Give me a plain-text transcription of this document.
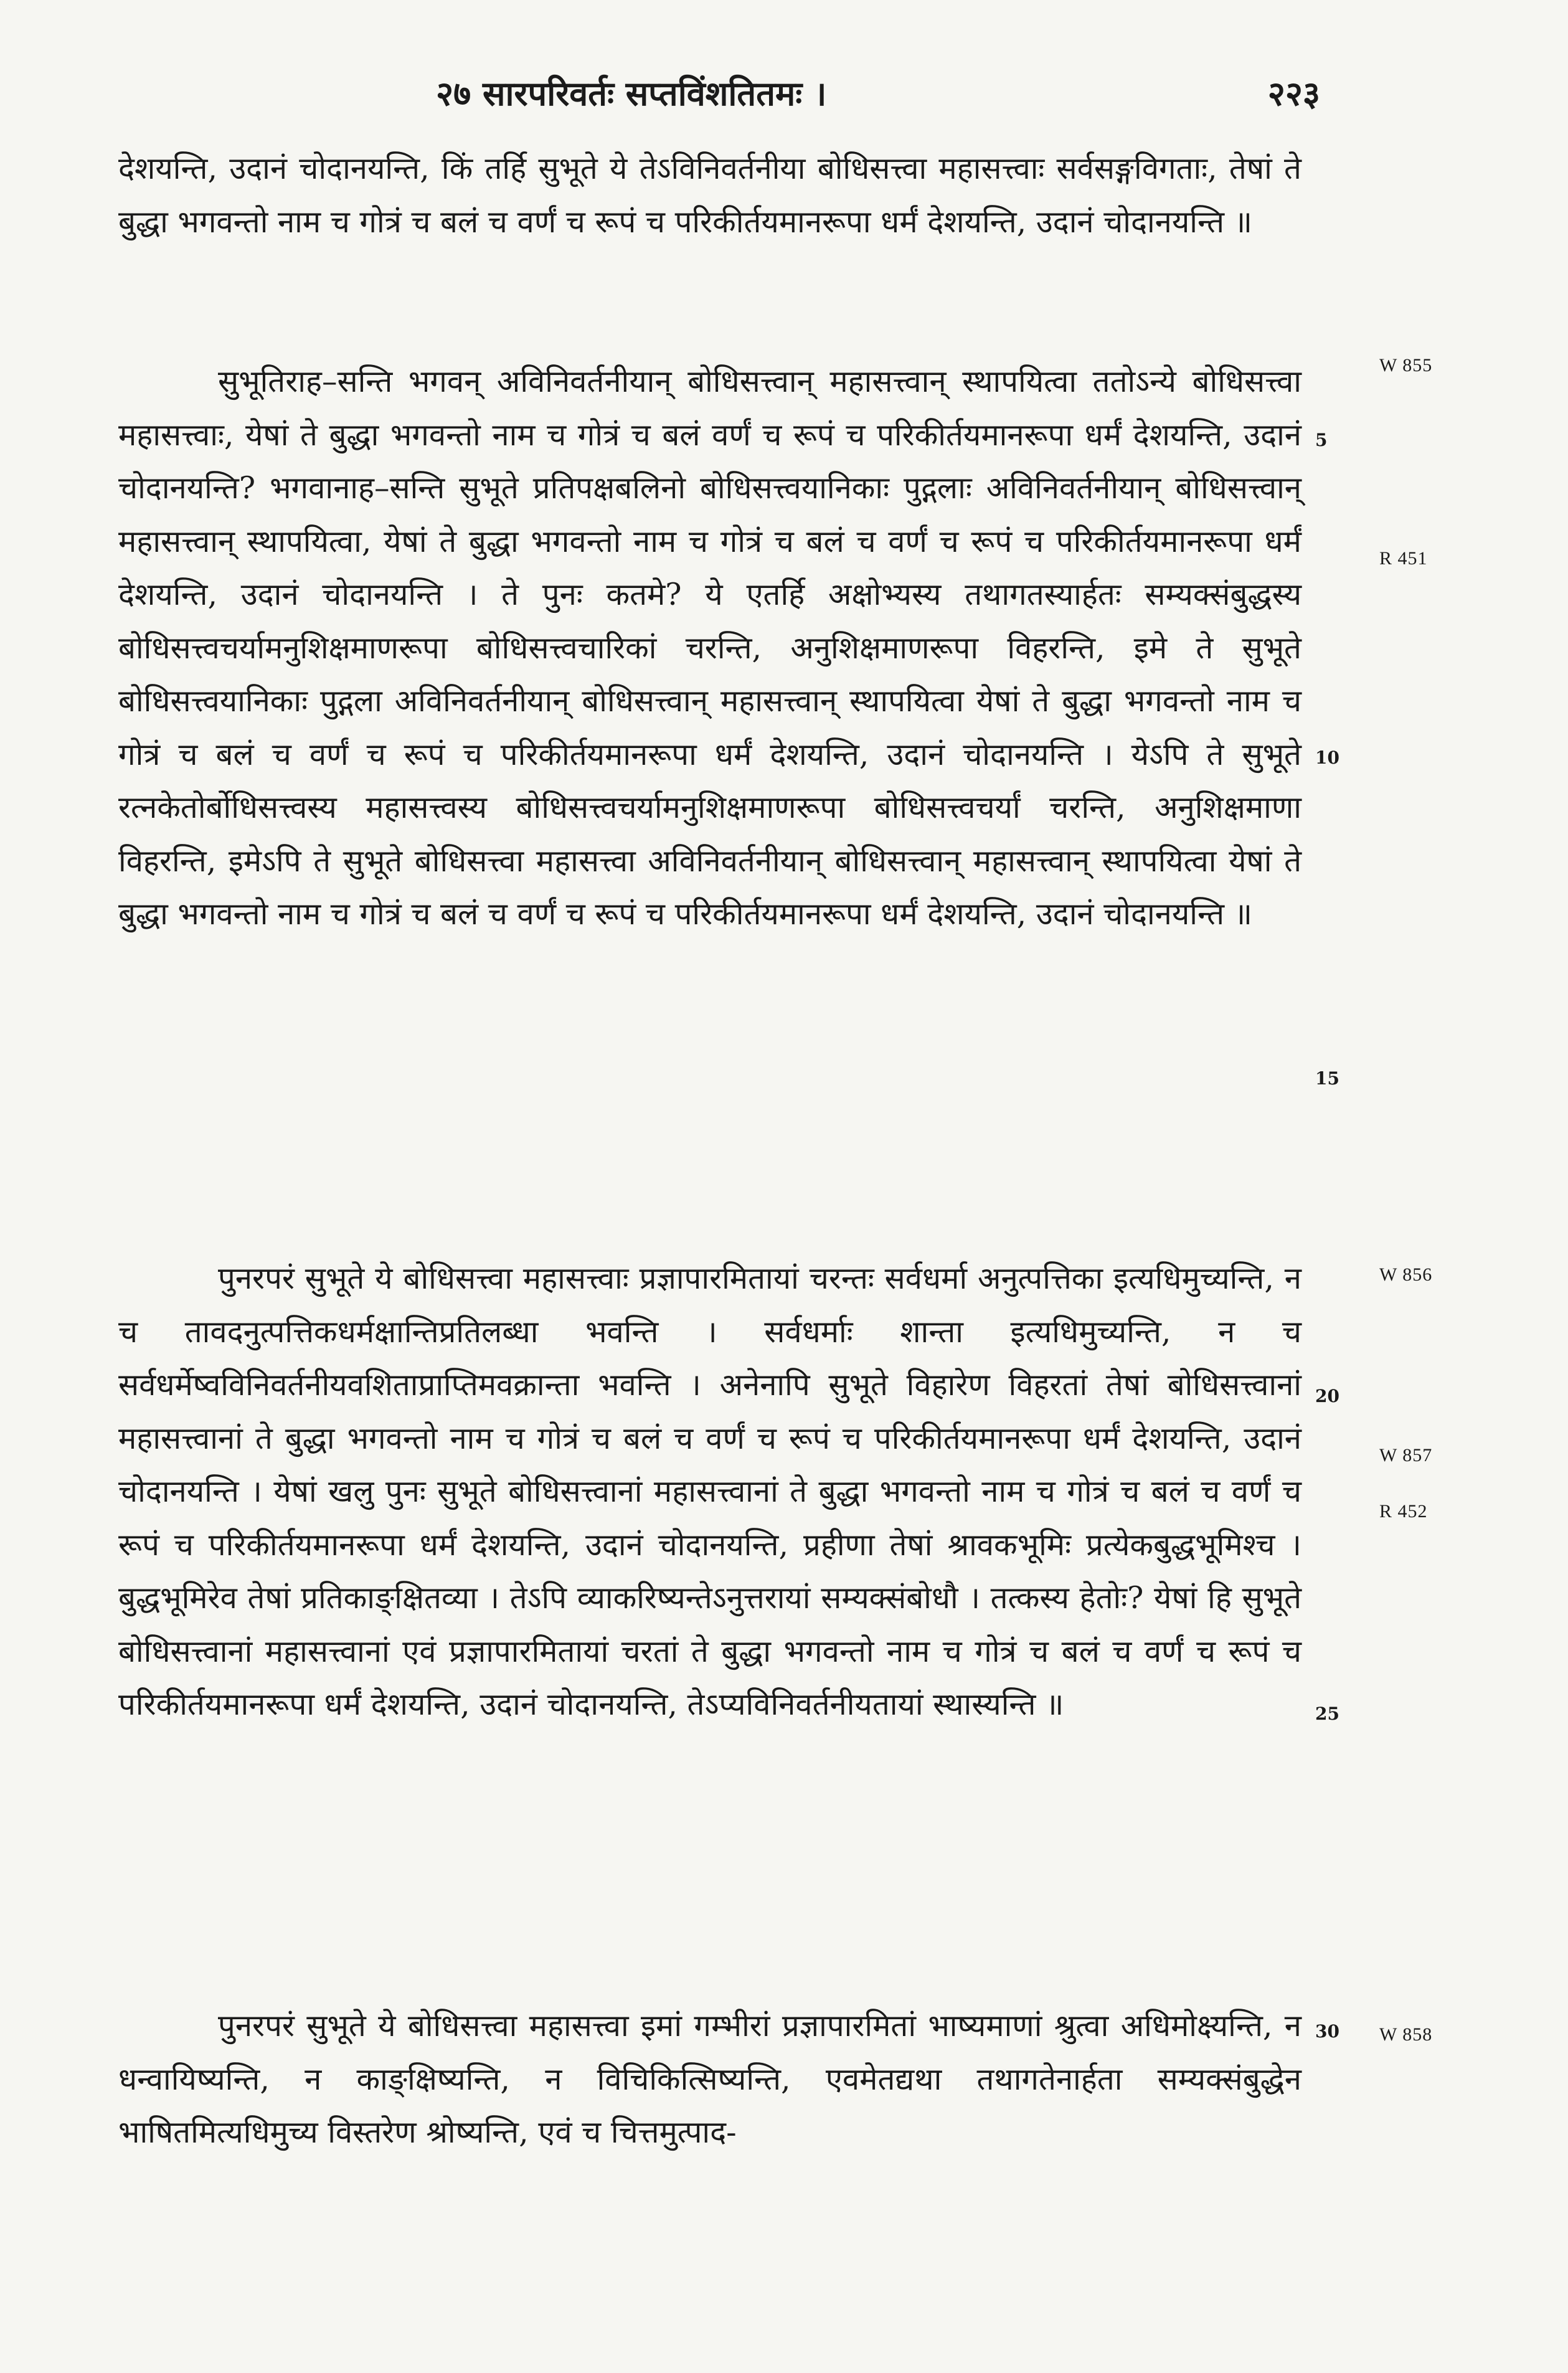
२७ सारपरिवर्तः सप्तविंशतितमः ।	२२३

देशयन्ति, उदानं चोदानयन्ति, किं तर्हि सुभूते ये तेऽविनिवर्तनीया बोधिसत्त्वा महासत्त्वाः सर्वसङ्गविगताः, तेषां ते बुद्धा भगवन्तो नाम च गोत्रं च बलं च वर्णं च रूपं च परिकीर्तयमानरूपा धर्मं देशयन्ति, उदानं चोदानयन्ति ॥

सुभूतिराह–सन्ति भगवन् अविनिवर्तनीयान् बोधिसत्त्वान् महासत्त्वान् स्थापयित्वा ततोऽन्ये बोधिसत्त्वा महासत्त्वाः, येषां ते बुद्धा भगवन्तो नाम च गोत्रं च बलं वर्णं च रूपं च परिकीर्तयमानरूपा धर्मं देशयन्ति, उदानं चोदानयन्ति? भगवानाह–सन्ति सुभूते प्रतिपक्षबलिनो बोधिसत्त्वयानिकाः पुद्गलाः अविनिवर्तनीयान् बोधिसत्त्वान् महासत्त्वान् स्थापयित्वा, येषां ते बुद्धा भगवन्तो नाम च गोत्रं च बलं च वर्णं च रूपं च परिकीर्तयमानरूपा धर्मं देशयन्ति, उदानं चोदानयन्ति । ते पुनः कतमे? ये एतर्हि अक्षोभ्यस्य तथागतस्यार्हतः सम्यक्संबुद्धस्य बोधिसत्त्वचर्यामनुशिक्षमाणरूपा बोधिसत्त्वचारिकां चरन्ति, अनुशिक्षमाणरूपा विहरन्ति, इमे ते सुभूते बोधिसत्त्वयानिकाः पुद्गला अविनिवर्तनीयान् बोधिसत्त्वान् महासत्त्वान् स्थापयित्वा येषां ते बुद्धा भगवन्तो नाम च गोत्रं च बलं च वर्णं च रूपं च परिकीर्तयमानरूपा धर्मं देशयन्ति, उदानं चोदानयन्ति । येऽपि ते सुभूते रत्नकेतोर्बोधिसत्त्वस्य महासत्त्वस्य बोधिसत्त्वचर्यामनुशिक्षमाणरूपा बोधिसत्त्वचर्यां चरन्ति, अनुशिक्षमाणा विहरन्ति, इमेऽपि ते सुभूते बोधिसत्त्वा महासत्त्वा अविनिवर्तनीयान् बोधिसत्त्वान् महासत्त्वान् स्थापयित्वा येषां ते बुद्धा भगवन्तो नाम च गोत्रं च बलं च वर्णं च रूपं च परिकीर्तयमानरूपा धर्मं देशयन्ति, उदानं चोदानयन्ति ॥

पुनरपरं सुभूते ये बोधिसत्त्वा महासत्त्वाः प्रज्ञापारमितायां चरन्तः सर्वधर्मा अनुत्पत्तिका इत्यधिमुच्यन्ति, न च तावदनुत्पत्तिकधर्मक्षान्तिप्रतिलब्धा भवन्ति । सर्वधर्माः शान्ता इत्यधिमुच्यन्ति, न च सर्वधर्मेष्वविनिवर्तनीयवशिताप्राप्तिमवक्रान्ता भवन्ति । अनेनापि सुभूते विहारेण विहरतां तेषां बोधिसत्त्वानां महासत्त्वानां ते बुद्धा भगवन्तो नाम च गोत्रं च बलं च वर्णं च रूपं च परिकीर्तयमानरूपा धर्मं देशयन्ति, उदानं चोदानयन्ति । येषां खलु पुनः सुभूते बोधिसत्त्वानां महासत्त्वानां ते बुद्धा भगवन्तो नाम च गोत्रं च बलं च वर्णं च रूपं च परिकीर्तयमानरूपा धर्मं देशयन्ति, उदानं चोदानयन्ति, प्रहीणा तेषां श्रावकभूमिः प्रत्येकबुद्धभूमिश्च । बुद्धभूमिरेव तेषां प्रतिकाङ्क्षितव्या । तेऽपि व्याकरिष्यन्तेऽनुत्तरायां सम्यक्संबोधौ । तत्कस्य हेतोः? येषां हि सुभूते बोधिसत्त्वानां महासत्त्वानां एवं प्रज्ञापारमितायां चरतां ते बुद्धा भगवन्तो नाम च गोत्रं च बलं च वर्णं च रूपं च परिकीर्तयमानरूपा धर्मं देशयन्ति, उदानं चोदानयन्ति, तेऽप्यविनिवर्तनीयतायां स्थास्यन्ति ॥

पुनरपरं सुभूते ये बोधिसत्त्वा महासत्त्वा इमां गम्भीरां प्रज्ञापारमितां भाष्यमाणां श्रुत्वा अधिमोक्ष्यन्ति, न धन्वायिष्यन्ति, न काङ्क्षिष्यन्ति, न विचिकित्सिष्यन्ति, एवमेतद्यथा तथागतेनार्हता सम्यक्संबुद्धेन भाषितमित्यधिमुच्य विस्तरेण श्रोष्यन्ति, एवं च चित्तमुत्पाद-

5
10
15
20
25
30
W 855
R 451
W 856
W 857
R 452
W 858
